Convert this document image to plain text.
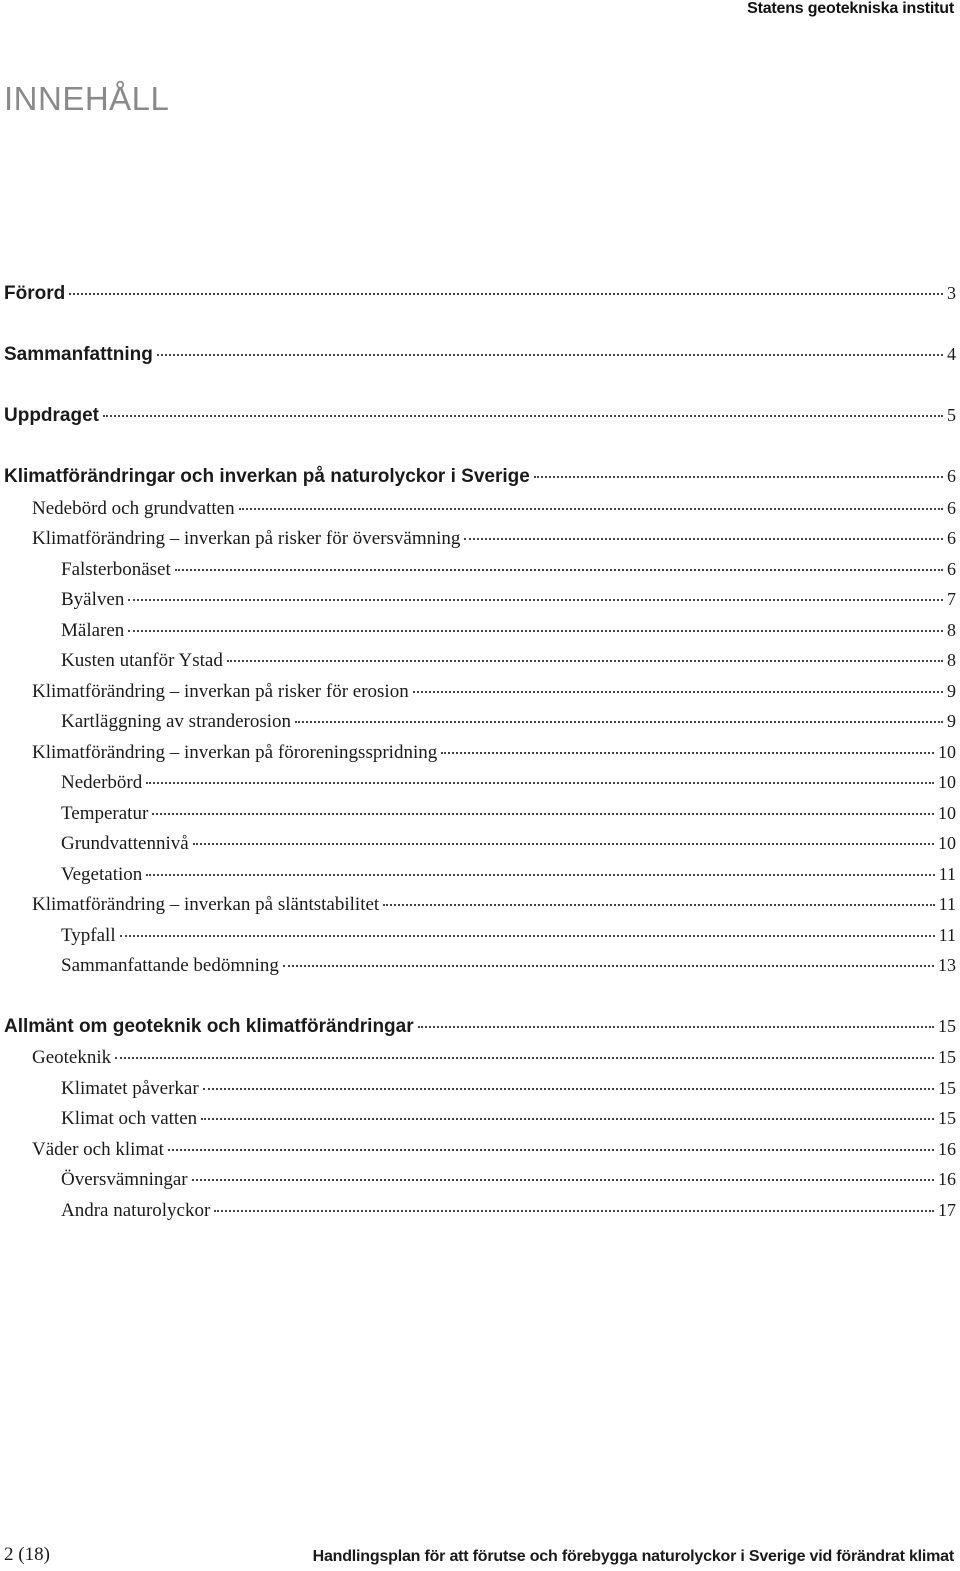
Statens geotekniska institut
INNEHÅLL
Förord	3
Sammanfattning	4
Uppdraget	5
Klimatförändringar och inverkan på naturolyckor i Sverige	6
Nedebörd och grundvatten	6
Klimatförändring – inverkan på risker för översvämning	6
Falsterbonäset	6
Byälven	7
Mälaren	8
Kusten utanför Ystad	8
Klimatförändring – inverkan på risker för erosion	9
Kartläggning av stranderosion	9
Klimatförändring – inverkan på föroreningsspridning	10
Nederbörd	10
Temperatur	10
Grundvattennivå	10
Vegetation	11
Klimatförändring – inverkan på släntstabilitet	11
Typfall	11
Sammanfattande bedömning	13
Allmänt om geoteknik och klimatförändringar	15
Geoteknik	15
Klimatet påverkar	15
Klimat och vatten	15
Väder och klimat	16
Översvämningar	16
Andra naturolyckor	17
2 (18)	Handlingsplan för att förutse och förebygga naturolyckor i Sverige vid förändrat klimat
